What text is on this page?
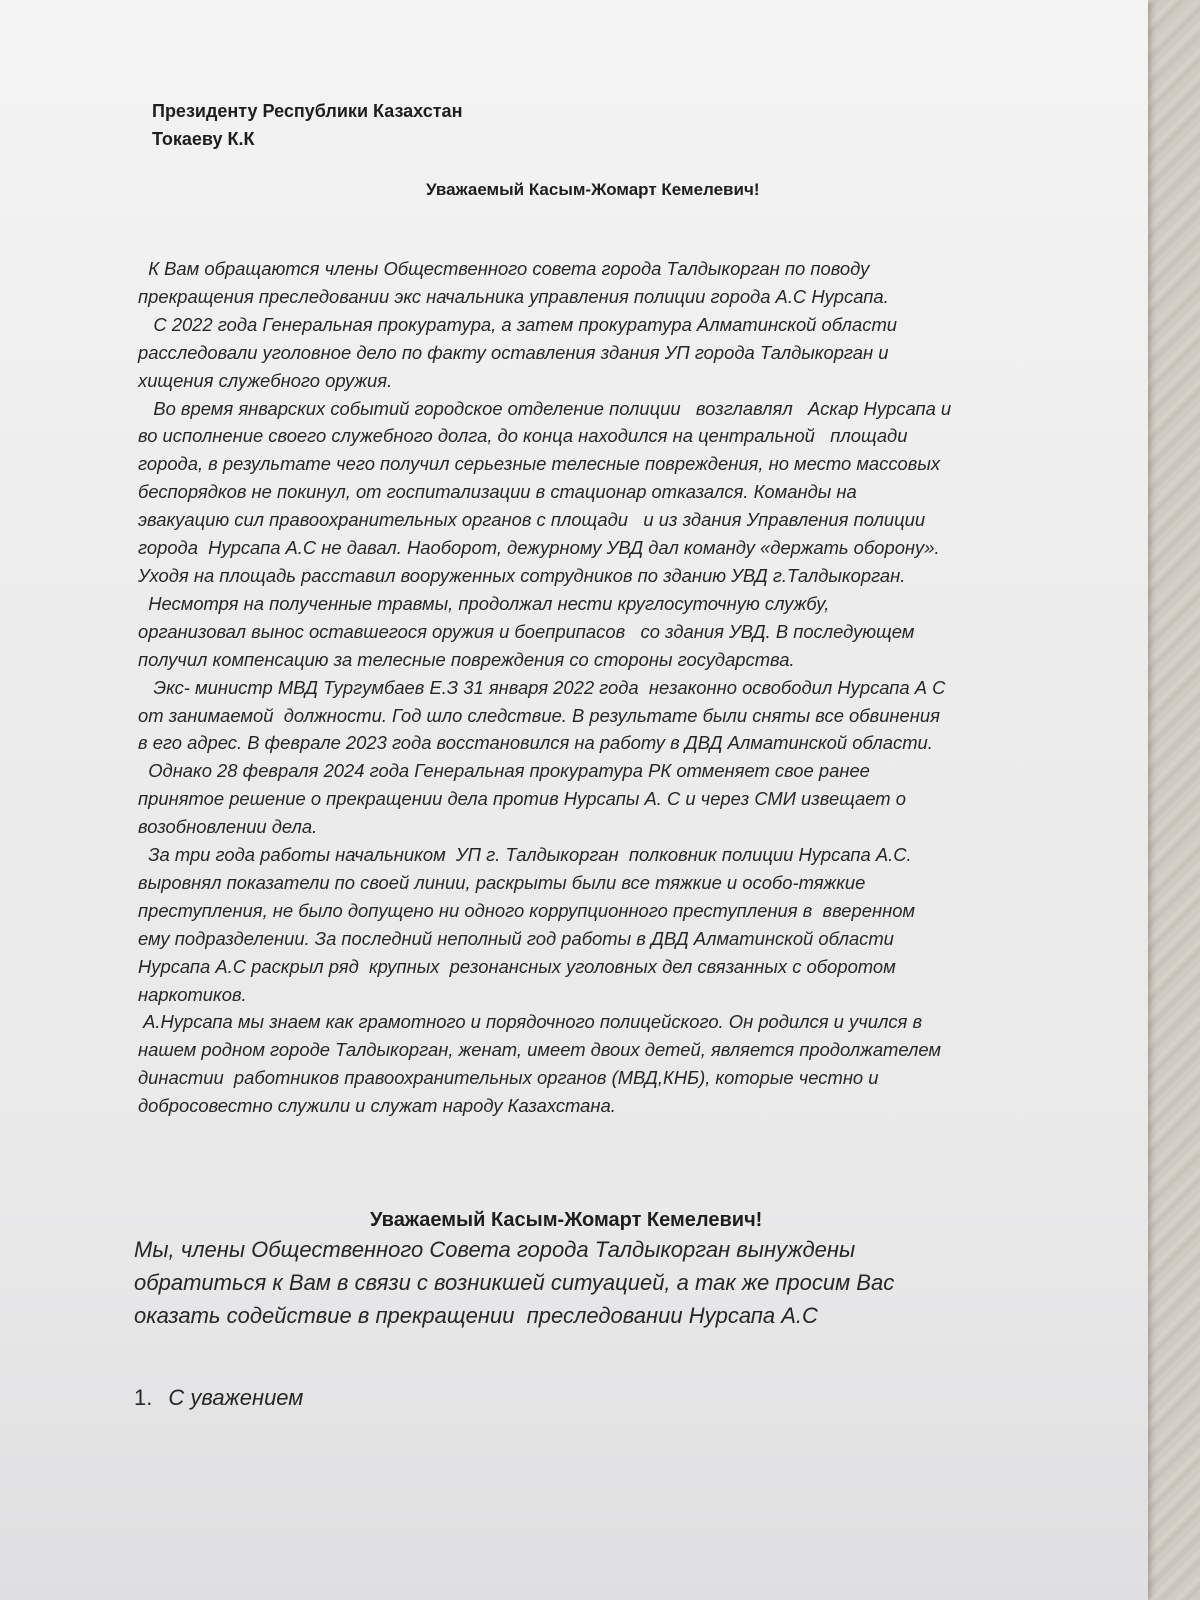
Президенту Республики Казахстан
Токаеву К.К
Уважаемый Касым-Жомарт Кемелевич!
К Вам обращаются члены Общественного совета города Талдыкорган по поводу
прекращения преследовании экс начальника управления полиции города А.С Нурсапа.
С 2022 года Генеральная прокуратура, а затем прокуратура Алматинской области
расследовали уголовное дело по факту оставления здания УП города Талдыкорган и
хищения служебного оружия.
Во время январских событий городское отделение полиции   возглавлял   Аскар Нурсапа и
во исполнение своего служебного долга, до конца находился на центральной   площади
города, в результате чего получил серьезные телесные повреждения, но место массовых
беспорядков не покинул, от госпитализации в стационар отказался. Команды на
эвакуацию сил правоохранительных органов с площади   и из здания Управления полиции
города  Нурсапа А.С не давал. Наоборот, дежурному УВД дал команду «держать оборону».
Уходя на площадь расставил вооруженных сотрудников по зданию УВД г.Талдыкорган.
Несмотря на полученные травмы, продолжал нести круглосуточную службу,
организовал вынос оставшегося оружия и боеприпасов   со здания УВД. В последующем
получил компенсацию за телесные повреждения со стороны государства.
Экс- министр МВД Тургумбаев Е.З 31 января 2022 года  незаконно освободил Нурсапа А С
от занимаемой  должности. Год шло следствие. В результате были сняты все обвинения
в его адрес. В феврале 2023 года восстановился на работу в ДВД Алматинской области.
Однако 28 февраля 2024 года Генеральная прокуратура РК отменяет свое ранее
принятое решение о прекращении дела против Нурсапы А. С и через СМИ извещает о
возобновлении дела.
За три года работы начальником  УП г. Талдыкорган  полковник полиции Нурсапа А.С.
выровнял показатели по своей линии, раскрыты были все тяжкие и особо-тяжкие
преступления, не было допущено ни одного коррупционного преступления в  вверенном
ему подразделении. За последний неполный год работы в ДВД Алматинской области
Нурсапа А.С раскрыл ряд  крупных  резонансных уголовных дел связанных с оборотом
наркотиков.
А.Нурсапа мы знаем как грамотного и порядочного полицейского. Он родился и учился в
нашем родном городе Талдыкорган, женат, имеет двоих детей, является продолжателем
династии  работников правоохранительных органов (МВД,КНБ), которые честно и
добросовестно служили и служат народу Казахстана.
Уважаемый Касым-Жомарт Кемелевич!
Мы, члены Общественного Совета города Талдыкорган вынуждены
обратиться к Вам в связи с возникшей ситуацией, а так же просим Вас
оказать содействие в прекращении  преследовании Нурсапа А.С
1. С уважением
